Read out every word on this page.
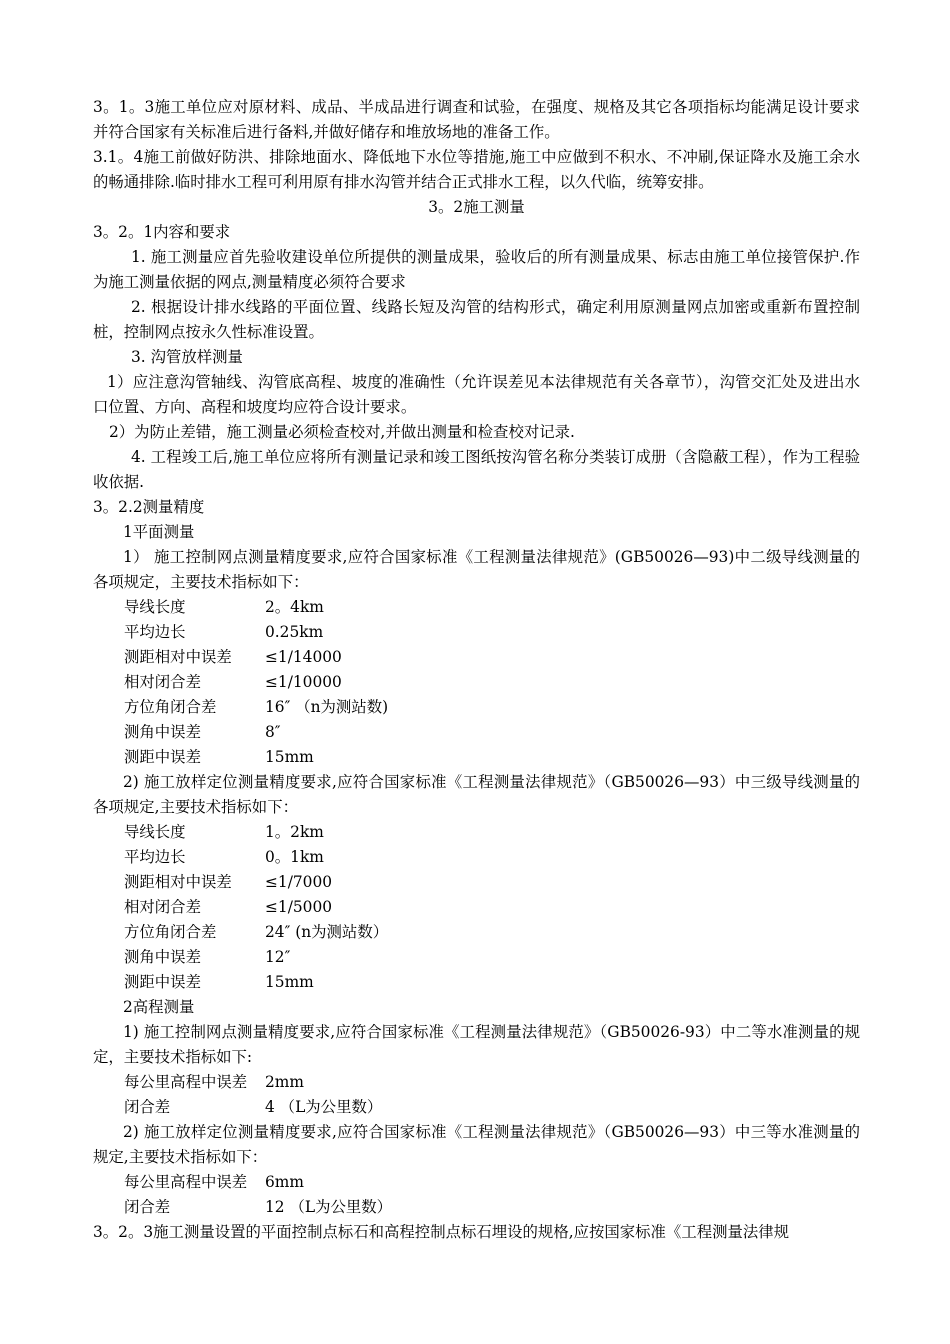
3。1。3施工单位应对原材料、成品、半成品进行调查和试验，在强度、规格及其它各项指标均能满足设计要求并符合国家有关标准后进行备料,并做好储存和堆放场地的准备工作。

3.1。4施工前做好防洪、排除地面水、降低地下水位等措施,施工中应做到不积水、不冲刷,保证降水及施工余水的畅通排除.临时排水工程可利用原有排水沟管并结合正式排水工程，以久代临，统筹安排。

3。2施工测量

3。2。1内容和要求

1. 施工测量应首先验收建设单位所提供的测量成果，验收后的所有测量成果、标志由施工单位接管保护.作为施工测量依据的网点,测量精度必须符合要求

2. 根据设计排水线路的平面位置、线路长短及沟管的结构形式，确定利用原测量网点加密或重新布置控制桩，控制网点按永久性标准设置。

3. 沟管放样测量

1）应注意沟管轴线、沟管底高程、坡度的准确性（允许误差见本法律规范有关各章节），沟管交汇处及进出水口位置、方向、高程和坡度均应符合设计要求。

2）为防止差错，施工测量必须检查校对,并做出测量和检查校对记录.

4. 工程竣工后,施工单位应将所有测量记录和竣工图纸按沟管名称分类装订成册（含隐蔽工程），作为工程验收依据.

3。2.2测量精度

1平面测量

1） 施工控制网点测量精度要求,应符合国家标准《工程测量法律规范》(GB50026—93)中二级导线测量的各项规定，主要技术指标如下：

导线长度	2。4km
平均边长	0.25km
测距相对中误差	≤1/14000
相对闭合差	≤1/10000
方位角闭合差	16″ （n为测站数)
测角中误差	8″
测距中误差	15mm

2) 施工放样定位测量精度要求,应符合国家标准《工程测量法律规范》（GB50026—93）中三级导线测量的各项规定,主要技术指标如下：

导线长度	1。2km
平均边长	0。1km
测距相对中误差	≤1/7000
相对闭合差	≤1/5000
方位角闭合差	24″ (n为测站数）
测角中误差	12″
测距中误差	15mm

2高程测量

1) 施工控制网点测量精度要求,应符合国家标准《工程测量法律规范》（GB50026-93）中二等水准测量的规定，主要技术指标如下:

每公里高程中误差	2mm
闭合差	4 （L为公里数）

2) 施工放样定位测量精度要求,应符合国家标准《工程测量法律规范》（GB50026—93）中三等水准测量的规定,主要技术指标如下：

每公里高程中误差	6mm
闭合差	12 （L为公里数）

3。2。3施工测量设置的平面控制点标石和高程控制点标石埋设的规格,应按国家标准《工程测量法律规
